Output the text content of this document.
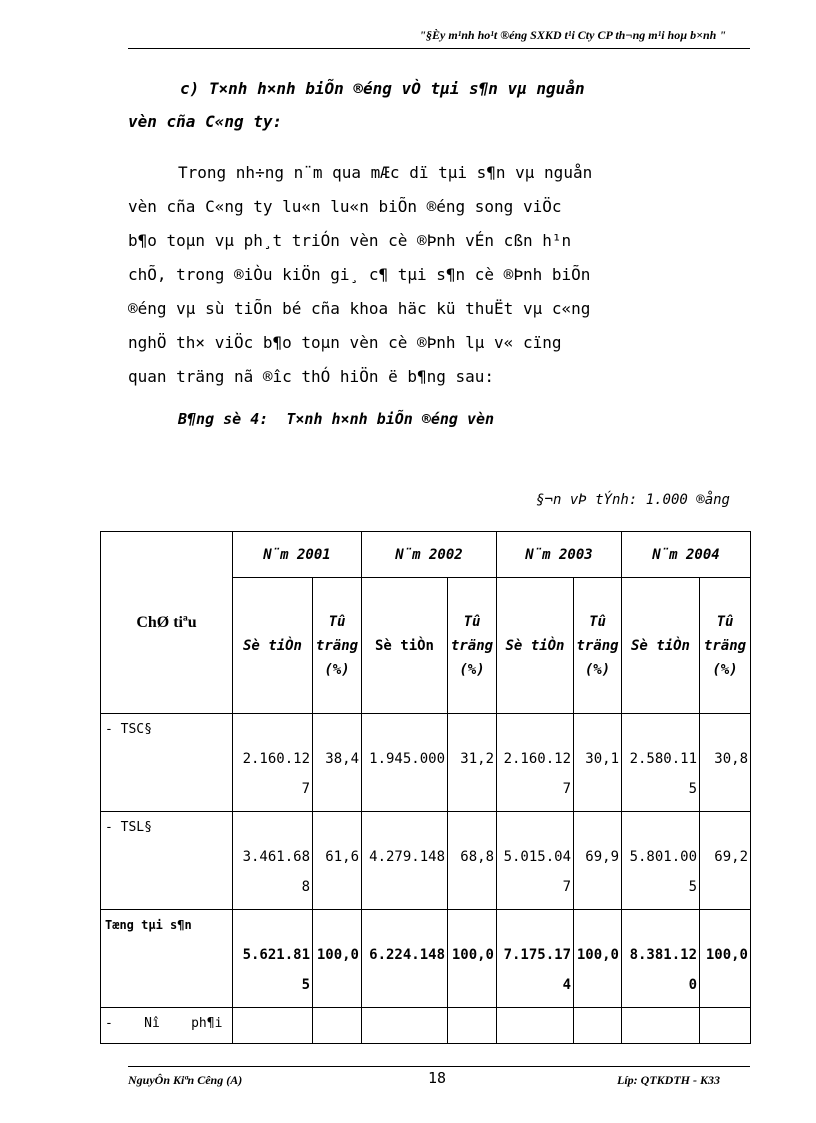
"§Èy m¹nh ho¹t ®éng SXKD t¹i Cty CP th¬ng m¹i hoµ b×nh "
c) T×nh h×nh biÕn ®éng vÒ tµi s¶n vµ nguån
vèn cña C«ng ty:
Trong nh÷ng n¨m qua mÆc dï tµi s¶n vµ nguån
vèn cña C«ng ty lu«n lu«n biÕn ®éng song viÖc
b¶o toµn vµ ph¸t triÓn vèn cè ®Þnh vÉn cßn h¹n
chÕ, trong ®iÒu kiÖn gi¸ c¶ tµi s¶n cè ®Þnh biÕn
®éng vµ sù tiÕn bé cña khoa häc kü thuËt vµ c«ng
nghÖ th× viÖc b¶o toµn vèn cè ®Þnh lµ v« cïng
quan träng nã ®îc thÓ hiÖn ë b¶ng sau:
B¶ng sè 4:  T×nh h×nh biÕn ®éng vèn
§¬n vÞ tÝnh: 1.000 ®ång
ChØ tiªu	N¨m 2001		N¨m 2002		N¨m 2003		N¨m 2004	
	Sè tiÒn	Tû träng (%)	Sè tiÒn	Tû träng (%)	Sè tiÒn	Tû träng (%)	Sè tiÒn	Tû träng (%)
- TSC§	2.160.127	38,4	1.945.000	31,2	2.160.127	30,1	2.580.115	30,8
- TSL§	3.461.688	61,6	4.279.148	68,8	5.015.047	69,9	5.801.005	69,2
Tæng tµi s¶n	5.621.815	100,0	6.224.148	100,0	7.175.174	100,0	8.381.120	100,0
-    Nî    ph¶i								
NguyÔn Kiªn Cêng (A)	18	Líp: QTKDTH - K33
